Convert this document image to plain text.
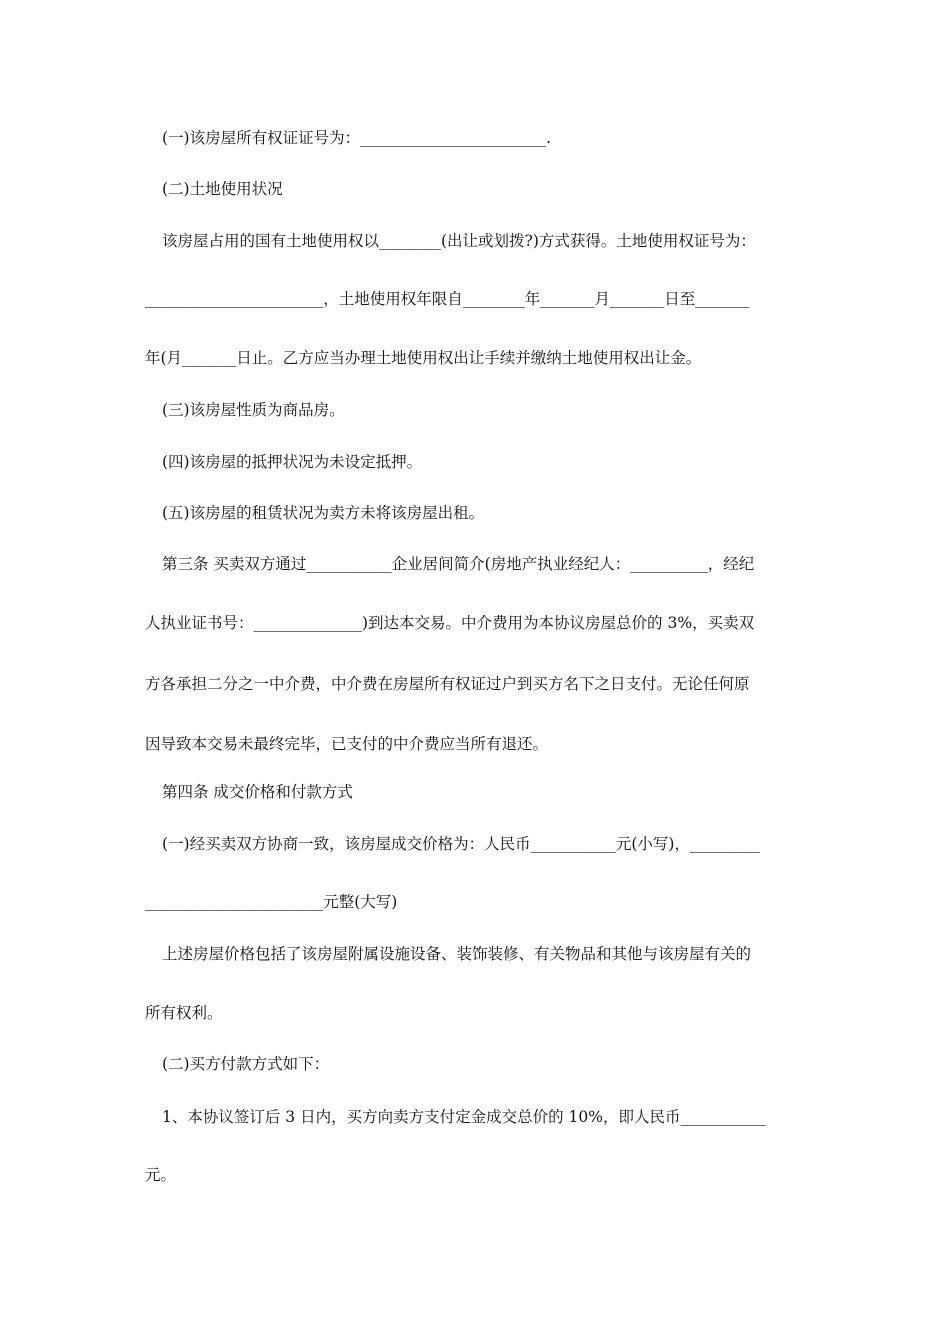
(一)该房屋所有权证证号为：________________________.
(二)土地使用状况
该房屋占用的国有土地使用权以________(出让或划拨?)方式获得。土地使用权证号为：
_______________________，土地使用权年限自________年_______月_______日至_______
年(月_______日止。乙方应当办理土地使用权出让手续并缴纳土地使用权出让金。
(三)该房屋性质为商品房。
(四)该房屋的抵押状况为未设定抵押。
(五)该房屋的租赁状况为卖方未将该房屋出租。
第三条 买卖双方通过___________企业居间简介(房地产执业经纪人：__________，经纪
人执业证书号：______________)到达本交易。中介费用为本协议房屋总价的 3%，买卖双
方各承担二分之一中介费，中介费在房屋所有权证过户到买方名下之日支付。无论任何原
因导致本交易未最终完毕，已支付的中介费应当所有退还。
第四条 成交价格和付款方式
(一)经买卖双方协商一致，该房屋成交价格为：人民币___________元(小写)，_________
_______________________元整(大写)
上述房屋价格包括了该房屋附属设施设备、装饰装修、有关物品和其他与该房屋有关的
所有权利。
(二)买方付款方式如下：
1、本协议签订后 3 日内，买方向卖方支付定金成交总价的 10%，即人民币___________
元。
